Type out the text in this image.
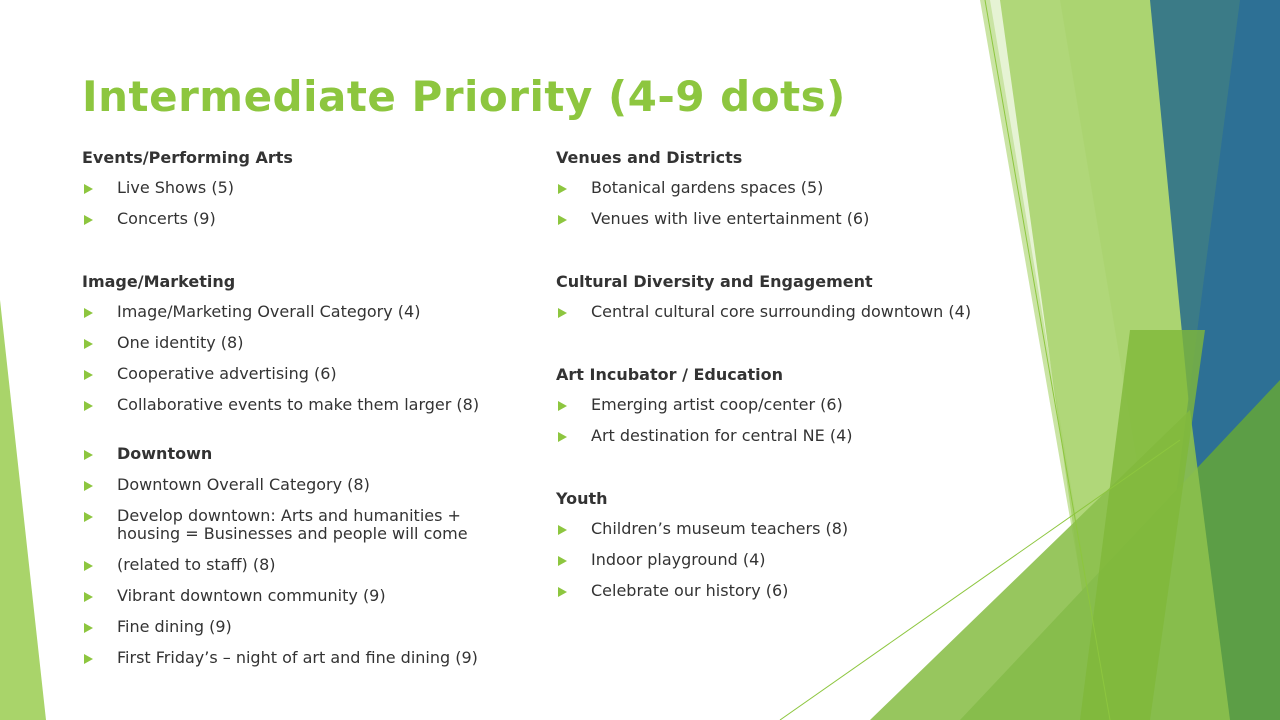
Intermediate Priority (4-9 dots)
Events/Performing Arts
Live Shows (5)
Concerts (9)
Image/Marketing
Image/Marketing Overall Category (4)
One identity (8)
Cooperative advertising (6)
Collaborative events to make them larger (8)
Downtown
Downtown Overall Category (8)
Develop downtown: Arts and humanities + housing = Businesses and people will come
(related to staff) (8)
Vibrant downtown community (9)
Fine dining (9)
First Friday’s – night of art and fine dining (9)
Venues and Districts
Botanical gardens spaces (5)
Venues with live entertainment (6)
Cultural Diversity and Engagement
Central cultural core surrounding downtown (4)
Art Incubator / Education
Emerging artist coop/center (6)
Art destination for central NE (4)
Youth
Children’s museum teachers (8)
Indoor playground (4)
Celebrate our history (6)
